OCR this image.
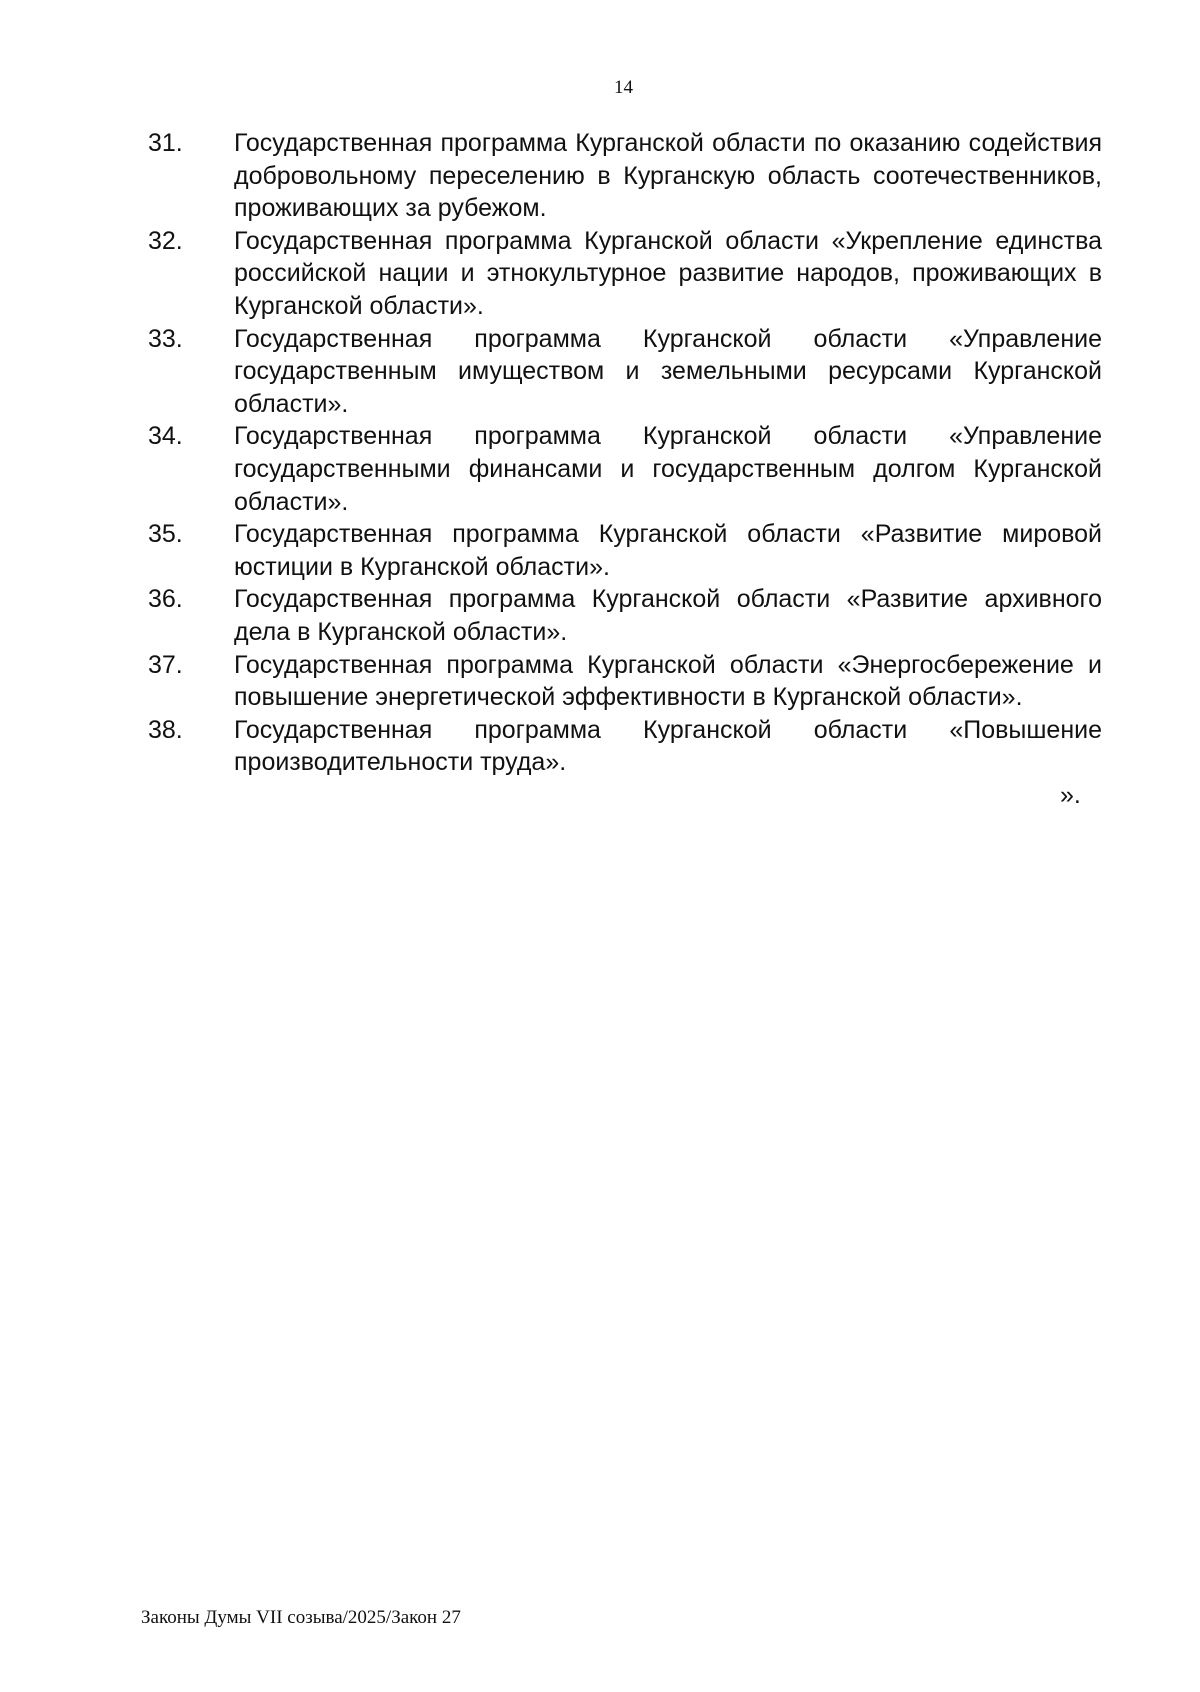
14
31. Государственная программа Курганской области по оказанию содействия добровольному переселению в Курганскую область соотечественников, проживающих за рубежом.
32. Государственная программа Курганской области «Укрепление единства российской нации и этнокультурное развитие народов, проживающих в Курганской области».
33. Государственная программа Курганской области «Управление государственным имуществом и земельными ресурсами Курганской области».
34. Государственная программа Курганской области «Управление государственными финансами и государственным долгом Курганской области».
35. Государственная программа Курганской области «Развитие мировой юстиции в Курганской области».
36. Государственная программа Курганской области «Развитие архивного дела в Курганской области».
37. Государственная программа Курганской области «Энергосбережение и повышение энергетической эффективности в Курганской области».
38. Государственная программа Курганской области «Повышение производительности труда».
».
Законы Думы VII созыва/2025/Закон 27
